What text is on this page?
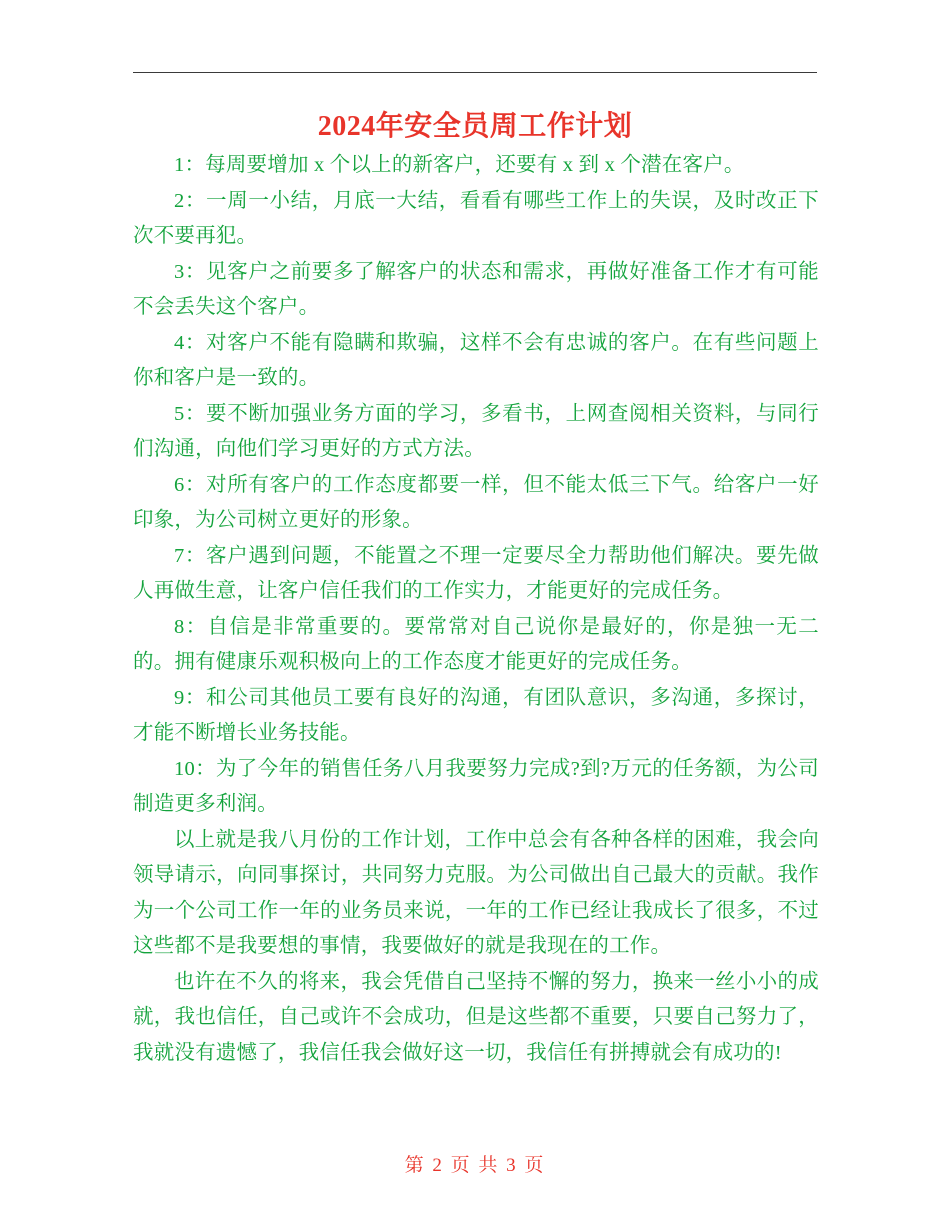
2024年安全员周工作计划

1：每周要增加 x 个以上的新客户，还要有 x 到 x 个潜在客户。

2：一周一小结，月底一大结，看看有哪些工作上的失误，及时改正下次不要再犯。

3：见客户之前要多了解客户的状态和需求，再做好准备工作才有可能不会丢失这个客户。

4：对客户不能有隐瞒和欺骗，这样不会有忠诚的客户。在有些问题上你和客户是一致的。

5：要不断加强业务方面的学习，多看书，上网查阅相关资料，与同行们沟通，向他们学习更好的方式方法。

6：对所有客户的工作态度都要一样，但不能太低三下气。给客户一好印象，为公司树立更好的形象。

7：客户遇到问题，不能置之不理一定要尽全力帮助他们解决。要先做人再做生意，让客户信任我们的工作实力，才能更好的完成任务。

8：自信是非常重要的。要常常对自己说你是最好的，你是独一无二的。拥有健康乐观积极向上的工作态度才能更好的完成任务。

9：和公司其他员工要有良好的沟通，有团队意识，多沟通，多探讨，才能不断增长业务技能。

10：为了今年的销售任务八月我要努力完成?到?万元的任务额，为公司制造更多利润。

以上就是我八月份的工作计划，工作中总会有各种各样的困难，我会向领导请示，向同事探讨，共同努力克服。为公司做出自己最大的贡献。我作为一个公司工作一年的业务员来说，一年的工作已经让我成长了很多，不过这些都不是我要想的事情，我要做好的就是我现在的工作。

也许在不久的将来，我会凭借自己坚持不懈的努力，换来一丝小小的成就，我也信任，自己或许不会成功，但是这些都不重要，只要自己努力了，我就没有遗憾了，我信任我会做好这一切，我信任有拼搏就会有成功的!

第 2 页 共 3 页
